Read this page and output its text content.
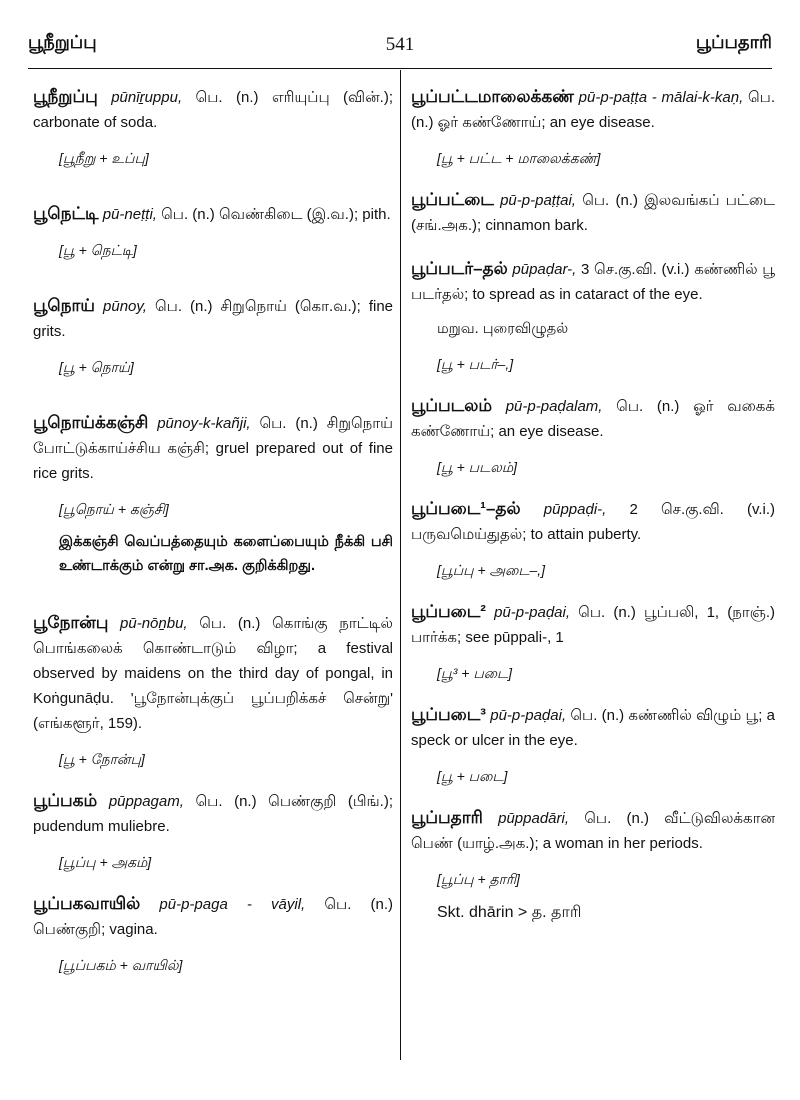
பூநீறுப்பு	541	பூப்பதாரி
பூநீறுப்பு pūnīṟuppu, பெ. (n.) எரியுப்பு (வின்.); carbonate of soda.
[பூநீறு + உப்பு]
பூநெட்டி pū-neṭṭi, பெ. (n.) வெண்கிடை (இ.வ.); pith.
[பூ + நெட்டி]
பூநொய் pūnoy, பெ. (n.) சிறுநொய் (கொ.வ.); fine grits.
[பூ + நொய்]
பூநொய்க்கஞ்சி pūnoy-k-kañji, பெ. (n.) சிறுநொய் போட்டுக்காய்ச்சிய கஞ்சி; gruel prepared out of fine rice grits.
[பூநொய் + கஞ்சி]
இக்கஞ்சி வெப்பத்தையும் களைப்பையும் நீக்கி பசி உண்டாக்கும் என்று சா.அக. குறிக்கிறது.
பூநோன்பு pū-nōṉbu, பெ. (n.) கொங்கு நாட்டில் பொங்கலைக் கொண்டாடும் விழா; a festival observed by maidens on the third day of pongal, in Koṅgunāḍu. 'பூநோன்புக்குப் பூப்பறிக்கச் சென்று' (எங்களூர், 159).
[பூ + நோன்பு]
பூப்பகம் pūppagam, பெ. (n.) பெண்குறி (பிங்.); pudendum muliebre.
[பூப்பு + அகம்]
பூப்பகவாயில் pū-p-paga - vāyil, பெ. (n.) பெண்குறி; vagina.
[பூப்பகம் + வாயில்]
பூப்பட்டமாலைக்கண் pū-p-paṭṭa - mālai-k-kaṇ, பெ. (n.) ஓர் கண்ணோய்; an eye disease.
[பூ + பட்ட + மாலைக்கண்]
பூப்பட்டை pū-p-paṭṭai, பெ. (n.) இலவங்கப் பட்டை (சங்.அக.); cinnamon bark.
பூப்படர்–தல் pūpaḍar-, 3 செ.கு.வி. (v.i.) கண்ணில் பூ படர்தல்; to spread as in cataract of the eye.
மறுவ. புரைவிழுதல்
[பூ + படர்–,]
பூப்படலம் pū-p-paḍalam, பெ. (n.) ஓர் வகைக் கண்ணோய்; an eye disease.
[பூ + படலம்]
பூப்படை¹–தல் pūppaḍi-, 2 செ.கு.வி. (v.i.) பருவமெய்துதல்; to attain puberty.
[பூப்பு + அடை–,]
பூப்படை² pū-p-paḍai, பெ. (n.) பூப்பலி, 1, (நாஞ்.) பார்க்க; see pūppali-, 1
[பூ³ + படை]
பூப்படை³ pū-p-paḍai, பெ. (n.) கண்ணில் விழும் பூ; a speck or ulcer in the eye.
[பூ + படை]
பூப்பதாரி pūppadāri, பெ. (n.) வீட்டுவிலக்கான பெண் (யாழ்.அக.); a woman in her periods.
[பூப்பு + தாரி]
Skt. dhārin > த. தாரி
